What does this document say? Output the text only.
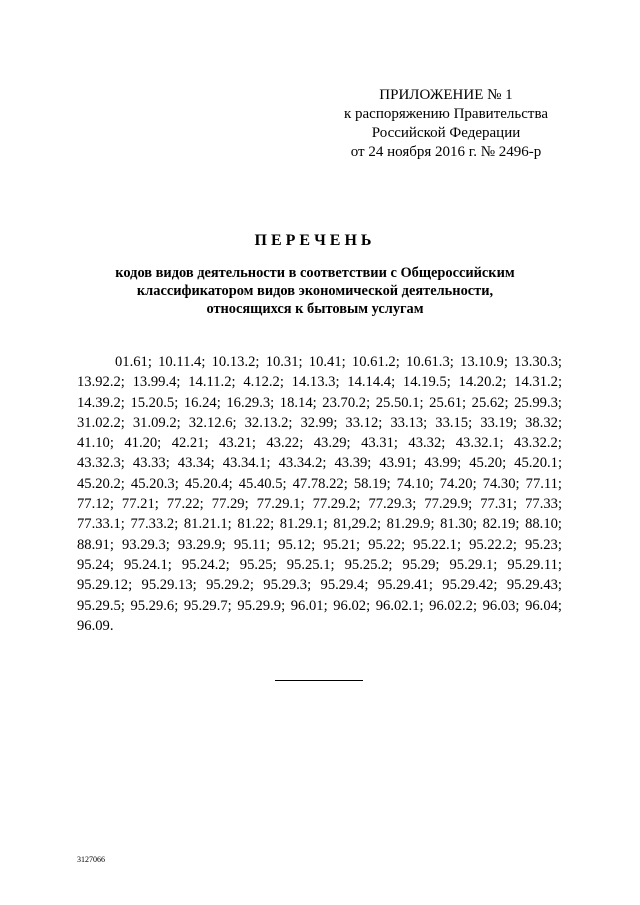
ПРИЛОЖЕНИЕ № 1
к распоряжению Правительства
Российской Федерации
от 24 ноября 2016 г. № 2496-р
ПЕРЕЧЕНЬ
кодов видов деятельности в соответствии с Общероссийским
классификатором видов экономической деятельности,
относящихся к бытовым услугам
01.61; 10.11.4; 10.13.2; 10.31; 10.41; 10.61.2; 10.61.3; 13.10.9; 13.30.3;
13.92.2; 13.99.4; 14.11.2; 4.12.2; 14.13.3; 14.14.4; 14.19.5; 14.20.2; 14.31.2;
14.39.2; 15.20.5; 16.24; 16.29.3; 18.14; 23.70.2; 25.50.1; 25.61; 25.62; 25.99.3;
31.02.2; 31.09.2; 32.12.6; 32.13.2; 32.99; 33.12; 33.13; 33.15; 33.19; 38.32;
41.10; 41.20; 42.21; 43.21; 43.22; 43.29; 43.31; 43.32; 43.32.1; 43.32.2;
43.32.3; 43.33; 43.34; 43.34.1; 43.34.2; 43.39; 43.91; 43.99; 45.20; 45.20.1;
45.20.2; 45.20.3; 45.20.4; 45.40.5; 47.78.22; 58.19; 74.10; 74.20; 74.30; 77.11;
77.12; 77.21; 77.22; 77.29; 77.29.1; 77.29.2; 77.29.3; 77.29.9; 77.31; 77.33;
77.33.1; 77.33.2; 81.21.1; 81.22; 81.29.1; 81,29.2; 81.29.9; 81.30; 82.19; 88.10;
88.91; 93.29.3; 93.29.9; 95.11; 95.12; 95.21; 95.22; 95.22.1; 95.22.2; 95.23;
95.24; 95.24.1; 95.24.2; 95.25; 95.25.1; 95.25.2; 95.29; 95.29.1; 95.29.11;
95.29.12; 95.29.13; 95.29.2; 95.29.3; 95.29.4; 95.29.41; 95.29.42; 95.29.43;
95.29.5; 95.29.6; 95.29.7; 95.29.9; 96.01; 96.02; 96.02.1; 96.02.2; 96.03; 96.04;
96.09.
3127066
